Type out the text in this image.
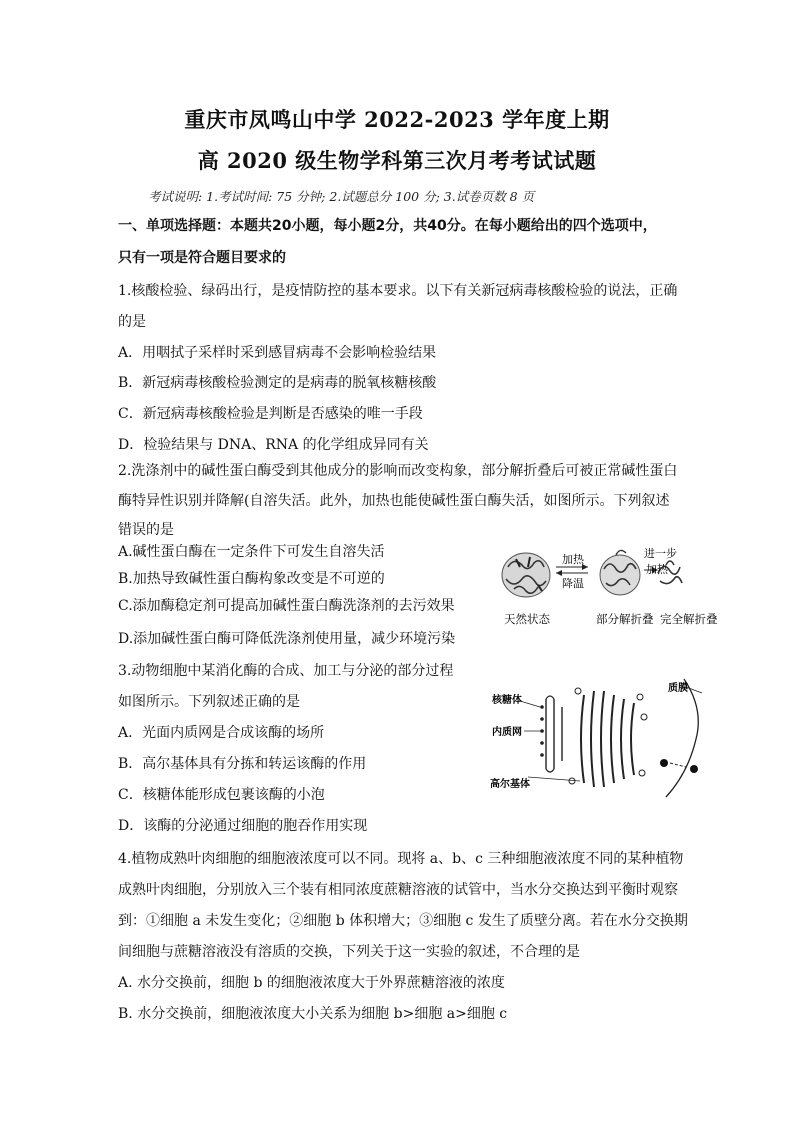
重庆市凤鸣山中学 2022-2023 学年度上期
高 2020 级生物学科第三次月考考试试题
考试说明: 1.考试时间: 75 分钟; 2.试题总分 100 分; 3.试卷页数 8 页
一、单项选择题：本题共20小题，每小题2分，共40分。在每小题给出的四个选项中，
只有一项是符合题目要求的
1.核酸检验、绿码出行，是疫情防控的基本要求。以下有关新冠病毒核酸检验的说法，正确
的是
A．用咽拭子采样时采到感冒病毒不会影响检验结果
B．新冠病毒核酸检验测定的是病毒的脱氧核糖核酸
C．新冠病毒核酸检验是判断是否感染的唯一手段
D．检验结果与 DNA、RNA 的化学组成异同有关
2.洗涤剂中的碱性蛋白酶受到其他成分的影响而改变构象，部分解折叠后可被正常碱性蛋白
酶特异性识别并降解(自溶失活。此外，加热也能使碱性蛋白酶失活，如图所示。下列叙述
错误的是
A.碱性蛋白酶在一定条件下可发生自溶失活
B.加热导致碱性蛋白酶构象改变是不可逆的
C.添加酶稳定剂可提高加碱性蛋白酶洗涤剂的去污效果
D.添加碱性蛋白酶可降低洗涤剂使用量，减少环境污染
加热
降温
进一步
加热
天然状态	部分解折叠 完全解折叠
3.动物细胞中某消化酶的合成、加工与分泌的部分过程
如图所示。下列叙述正确的是
A．光面内质网是合成该酶的场所
B．高尔基体具有分拣和转运该酶的作用
C．核糖体能形成包裹该酶的小泡
D．该酶的分泌通过细胞的胞吞作用实现
质膜
核糖体
内质网
高尔基体
4.植物成熟叶肉细胞的细胞液浓度可以不同。现将 a、b、c 三种细胞液浓度不同的某种植物
成熟叶肉细胞，分别放入三个装有相同浓度蔗糖溶液的试管中，当水分交换达到平衡时观察
到：①细胞 a 未发生变化；②细胞 b 体积增大；③细胞 c 发生了质壁分离。若在水分交换期
间细胞与蔗糖溶液没有溶质的交换，下列关于这一实验的叙述，不合理的是
A. 水分交换前，细胞 b 的细胞液浓度大于外界蔗糖溶液的浓度
B. 水分交换前，细胞液浓度大小关系为细胞 b>细胞 a>细胞 c
